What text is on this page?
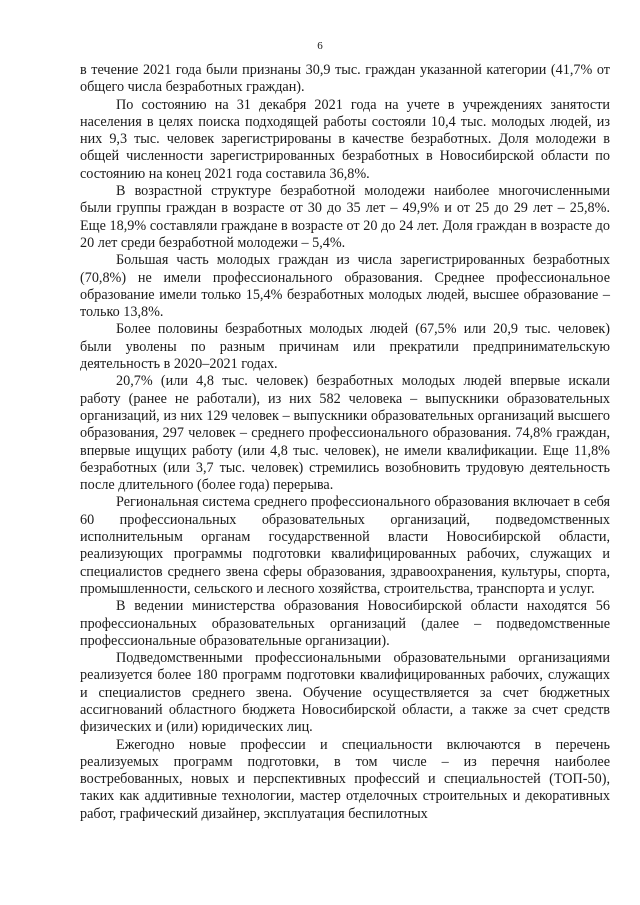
6

в течение 2021 года были признаны 30,9 тыс. граждан указанной категории (41,7% от общего числа безработных граждан).

По состоянию на 31 декабря 2021 года на учете в учреждениях занятости населения в целях поиска подходящей работы состояли 10,4 тыс. молодых людей, из них 9,3 тыс. человек зарегистрированы в качестве безработных. Доля молодежи в общей численности зарегистрированных безработных в Новосибирской области по состоянию на конец 2021 года составила 36,8%.

В возрастной структуре безработной молодежи наиболее многочисленными были группы граждан в возрасте от 30 до 35 лет – 49,9% и от 25 до 29 лет – 25,8%. Еще 18,9% составляли граждане в возрасте от 20 до 24 лет. Доля граждан в возрасте до 20 лет среди безработной молодежи – 5,4%.

Большая часть молодых граждан из числа зарегистрированных безработных (70,8%) не имели профессионального образования. Среднее профессиональное образование имели только 15,4% безработных молодых людей, высшее образование – только 13,8%.

Более половины безработных молодых людей (67,5% или 20,9 тыс. человек) были уволены по разным причинам или прекратили предпринимательскую деятельность в 2020–2021 годах.

20,7% (или 4,8 тыс. человек) безработных молодых людей впервые искали работу (ранее не работали), из них 582 человека – выпускники образовательных организаций, из них 129 человек – выпускники образовательных организаций высшего образования, 297 человек – среднего профессионального образования. 74,8% граждан, впервые ищущих работу (или 4,8 тыс. человек), не имели квалификации. Еще 11,8% безработных (или 3,7 тыс. человек) стремились возобновить трудовую деятельность после длительного (более года) перерыва.

Региональная система среднего профессионального образования включает в себя 60 профессиональных образовательных организаций, подведомственных исполнительным органам государственной власти Новосибирской области, реализующих программы подготовки квалифицированных рабочих, служащих и специалистов среднего звена сферы образования, здравоохранения, культуры, спорта, промышленности, сельского и лесного хозяйства, строительства, транспорта и услуг.

В ведении министерства образования Новосибирской области находятся 56 профессиональных образовательных организаций (далее – подведомственные профессиональные образовательные организации).

Подведомственными профессиональными образовательными организациями реализуется более 180 программ подготовки квалифицированных рабочих, служащих и специалистов среднего звена. Обучение осуществляется за счет бюджетных ассигнований областного бюджета Новосибирской области, а также за счет средств физических и (или) юридических лиц.

Ежегодно новые профессии и специальности включаются в перечень реализуемых программ подготовки, в том числе – из перечня наиболее востребованных, новых и перспективных профессий и специальностей (ТОП-50), таких как аддитивные технологии, мастер отделочных строительных и декоративных работ, графический дизайнер, эксплуатация беспилотных
